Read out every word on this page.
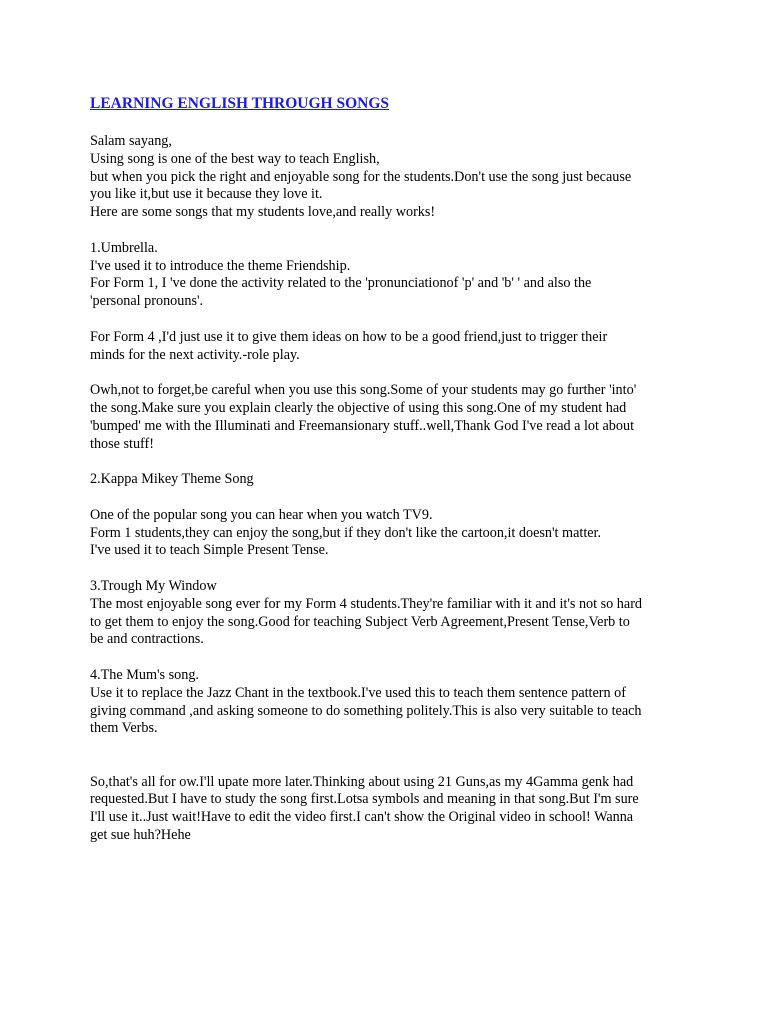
LEARNING ENGLISH THROUGH SONGS
Salam sayang,
Using song is one of the best way to teach English,
but when you pick the right and enjoyable song for the students.Don't use the song just because
you like it,but use it because they love it.
Here are some songs that my students love,and really works!
1.Umbrella.
I've used it to introduce the theme Friendship.
For Form 1, I 've done the activity related to the 'pronunciationof 'p' and 'b' ' and also the
'personal pronouns'.
For Form 4 ,I'd just use it to give them ideas on how to be a good friend,just to trigger their
minds for the next activity.-role play.
Owh,not to forget,be careful when you use this song.Some of your students may go further 'into'
the song.Make sure you explain clearly the objective of using this song.One of my student had
'bumped' me with the Illuminati and Freemansionary stuff..well,Thank God I've read a lot about
those stuff!
2.Kappa Mikey Theme Song
One of the popular song you can hear when you watch TV9.
Form 1 students,they can enjoy the song,but if they don't like the cartoon,it doesn't matter.
I've used it to teach Simple Present Tense.
3.Trough My Window
The most enjoyable song ever for my Form 4 students.They're familiar with it and it's not so hard
to get them to enjoy the song.Good for teaching Subject Verb Agreement,Present Tense,Verb to
be and contractions.
4.The Mum's song.
Use it to replace the Jazz Chant in the textbook.I've used this to teach them sentence pattern of
giving command ,and asking someone to do something politely.This is also very suitable to teach
them Verbs.
So,that's all for ow.I'll upate more later.Thinking about using 21 Guns,as my 4Gamma genk had
requested.But I have to study the song first.Lotsa symbols and meaning in that song.But I'm sure
I'll use it..Just wait!Have to edit the video first.I can't show the Original video in school! Wanna
get sue huh?Hehe
